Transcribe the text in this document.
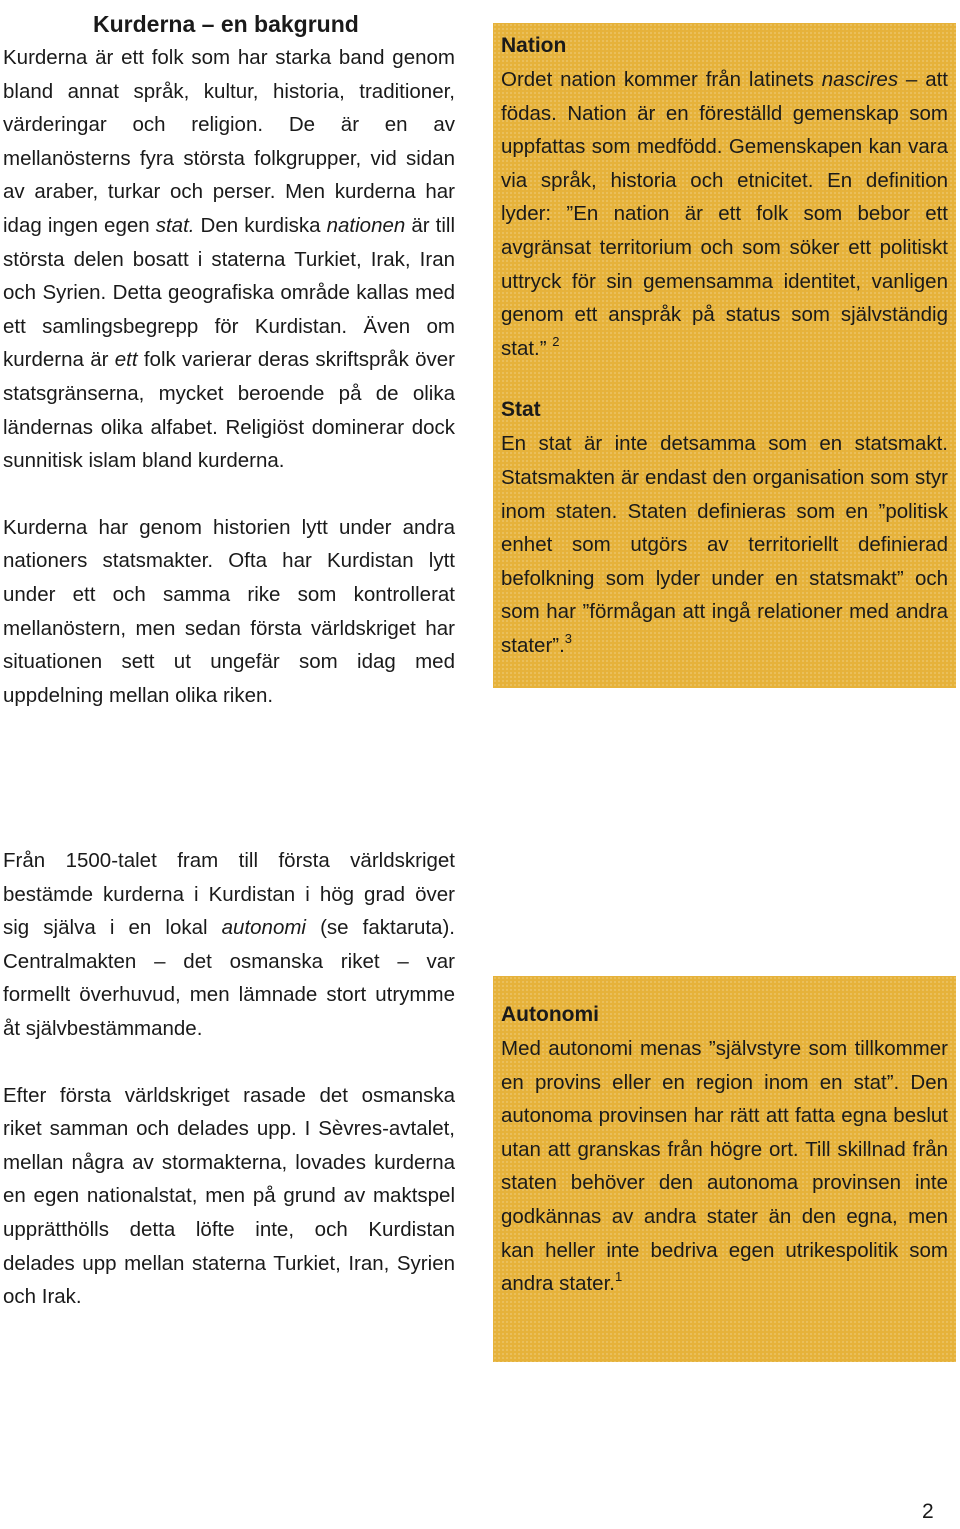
Kurderna – en bakgrund

Kurderna är ett folk som har starka band genom bland annat språk, kultur, historia, traditioner, värderingar och religion. De är en av mellanösterns fyra största folkgrupper, vid sidan av araber, turkar och perser. Men kurderna har idag ingen egen stat. Den kurdiska nationen är till största delen bosatt i staterna Turkiet, Irak, Iran och Syrien. Detta geografiska område kallas med ett samlingsbegrepp för Kurdistan. Även om kurderna är ett folk varierar deras skriftspråk över statsgränserna, mycket beroende på de olika ländernas olika alfabet. Religiöst dominerar dock sunnitisk islam bland kurderna.

Kurderna har genom historien lytt under andra nationers statsmakter. Ofta har Kurdistan lytt under ett och samma rike som kontrollerat mellanöstern, men sedan första världskriget har situationen sett ut ungefär som idag med uppdelning mellan olika riken.

Från 1500-talet fram till första världskriget bestämde kurderna i Kurdistan i hög grad över sig själva i en lokal autonomi (se faktaruta). Centralmakten – det osmanska riket – var formellt överhuvud, men lämnade stort utrymme åt självbestämmande.

Efter första världskriget rasade det osmanska riket samman och delades upp. I Sèvres-avtalet, mellan några av stormakterna, lovades kurderna en egen nationalstat, men på grund av maktspel upprätthölls detta löfte inte, och Kurdistan delades upp mellan staterna Turkiet, Iran, Syrien och Irak.

Nation

Ordet nation kommer från latinets nascires – att födas. Nation är en föreställd gemenskap som uppfattas som medfödd. Gemenskapen kan vara via språk, historia och etnicitet. En definition lyder: ”En nation är ett folk som bebor ett avgränsat territorium och som söker ett politiskt uttryck för sin gemensamma identitet, vanligen genom ett anspråk på status som självständig stat.” $^2$

Stat

En stat är inte detsamma som en statsmakt. Statsmakten är endast den organisation som styr inom staten. Staten definieras som en ”politisk enhet som utgörs av territoriellt definierad befolkning som lyder under en statsmakt” och som har ”förmågan att ingå relationer med andra stater”.$^3$

Autonomi

Med autonomi menas ”självstyre som tillkommer en provins eller en region inom en stat”. Den autonoma provinsen har rätt att fatta egna beslut utan att granskas från högre ort. Till skillnad från staten behöver den autonoma provinsen inte godkännas av andra stater än den egna, men kan heller inte bedriva egen utrikespolitik som andra stater.$^1$

2
